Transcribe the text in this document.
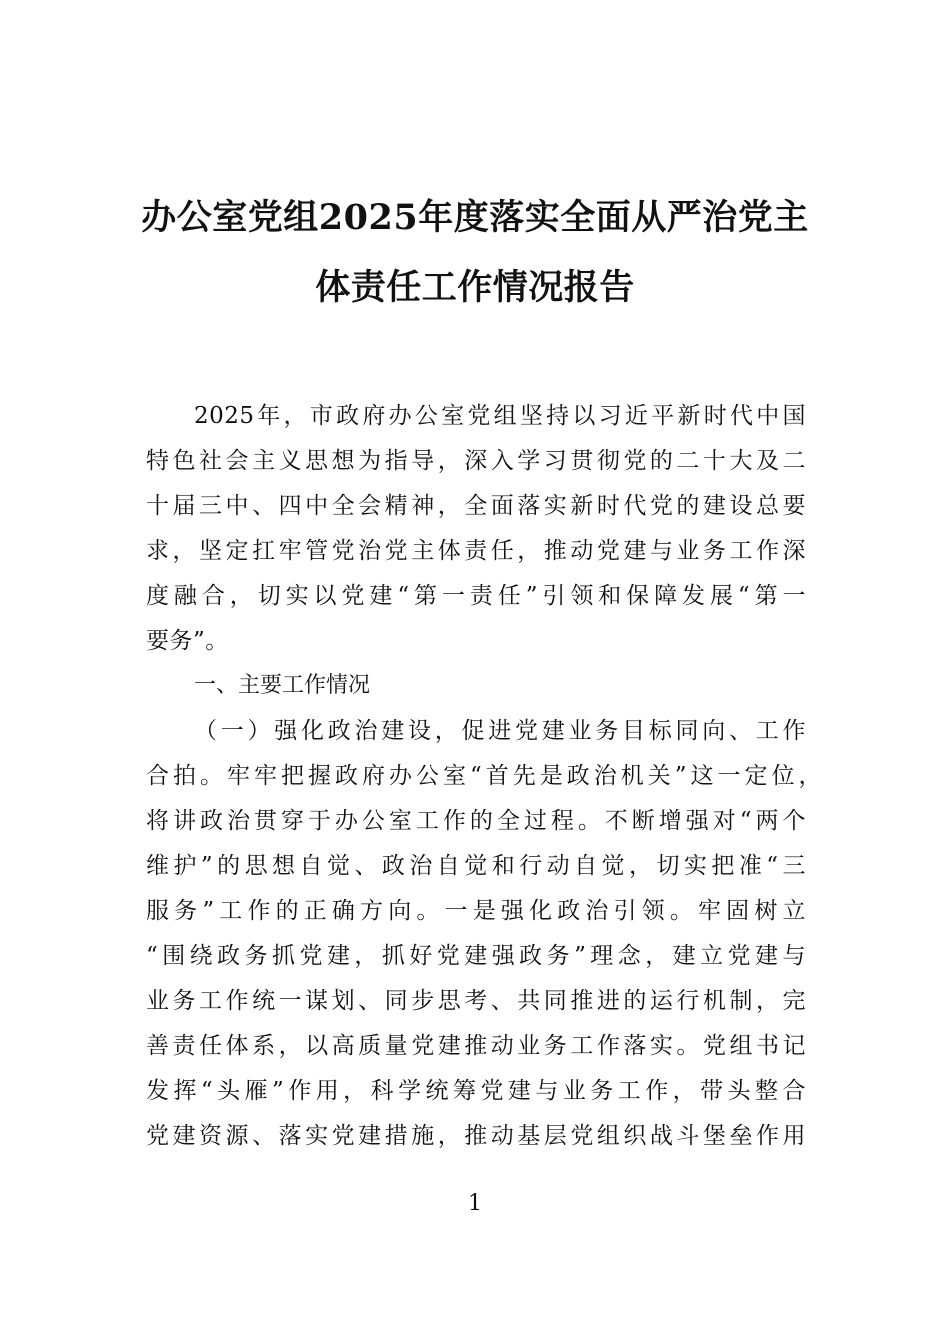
办公室党组2025年度落实全面从严治党主
体责任工作情况报告
2025年，市政府办公室党组坚持以习近平新时代中国
特色社会主义思想为指导，深入学习贯彻党的二十大及二
十届三中、四中全会精神，全面落实新时代党的建设总要
求，坚定扛牢管党治党主体责任，推动党建与业务工作深
度融合，切实以党建“第一责任”引领和保障发展“第一
要务”。
一、主要工作情况
（一）强化政治建设，促进党建业务目标同向、工作
合拍。牢牢把握政府办公室“首先是政治机关”这一定位，
将讲政治贯穿于办公室工作的全过程。不断增强对“两个
维护”的思想自觉、政治自觉和行动自觉，切实把准“三
服务”工作的正确方向。一是强化政治引领。牢固树立
“围绕政务抓党建，抓好党建强政务”理念，建立党建与
业务工作统一谋划、同步思考、共同推进的运行机制，完
善责任体系，以高质量党建推动业务工作落实。党组书记
发挥“头雁”作用，科学统筹党建与业务工作，带头整合
党建资源、落实党建措施，推动基层党组织战斗堡垒作用
1
